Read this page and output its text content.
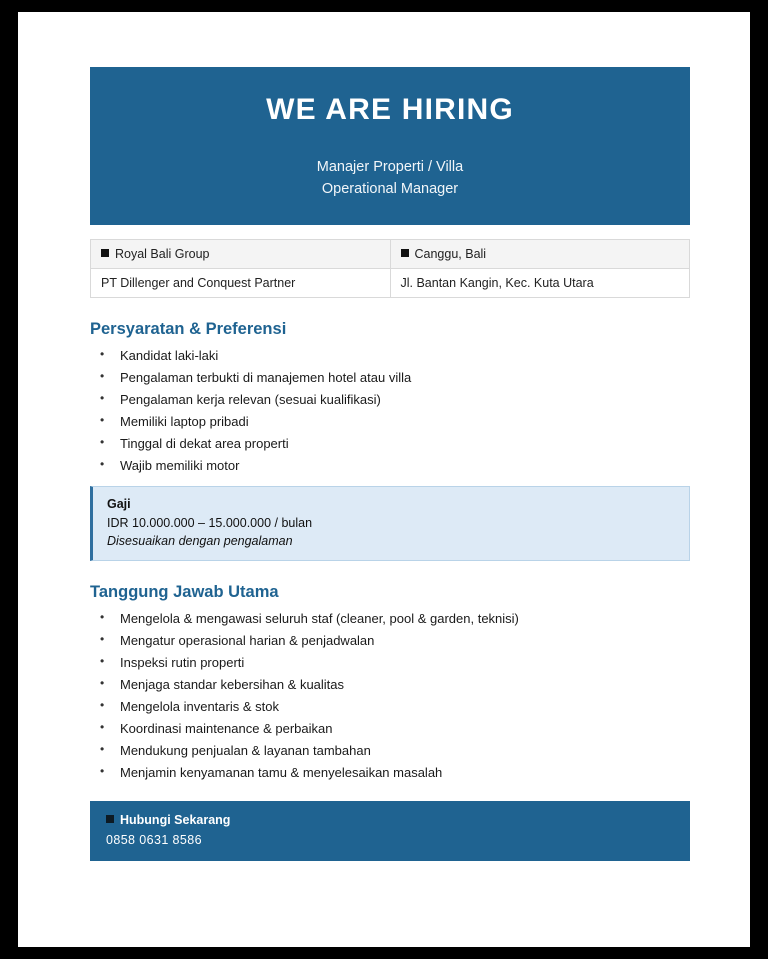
WE ARE HIRING
Manajer Properti / Villa
Operational Manager
Royal Bali Group	Canggu, Bali
PT Dillenger and Conquest Partner	Jl. Bantan Kangin, Kec. Kuta Utara
Persyaratan & Preferensi
• Kandidat laki-laki
• Pengalaman terbukti di manajemen hotel atau villa
• Pengalaman kerja relevan (sesuai kualifikasi)
• Memiliki laptop pribadi
• Tinggal di dekat area properti
• Wajib memiliki motor
Gaji
IDR 10.000.000 – 15.000.000 / bulan
Disesuaikan dengan pengalaman
Tanggung Jawab Utama
• Mengelola & mengawasi seluruh staf (cleaner, pool & garden, teknisi)
• Mengatur operasional harian & penjadwalan
• Inspeksi rutin properti
• Menjaga standar kebersihan & kualitas
• Mengelola inventaris & stok
• Koordinasi maintenance & perbaikan
• Mendukung penjualan & layanan tambahan
• Menjamin kenyamanan tamu & menyelesaikan masalah
Hubungi Sekarang
0858 0631 8586
